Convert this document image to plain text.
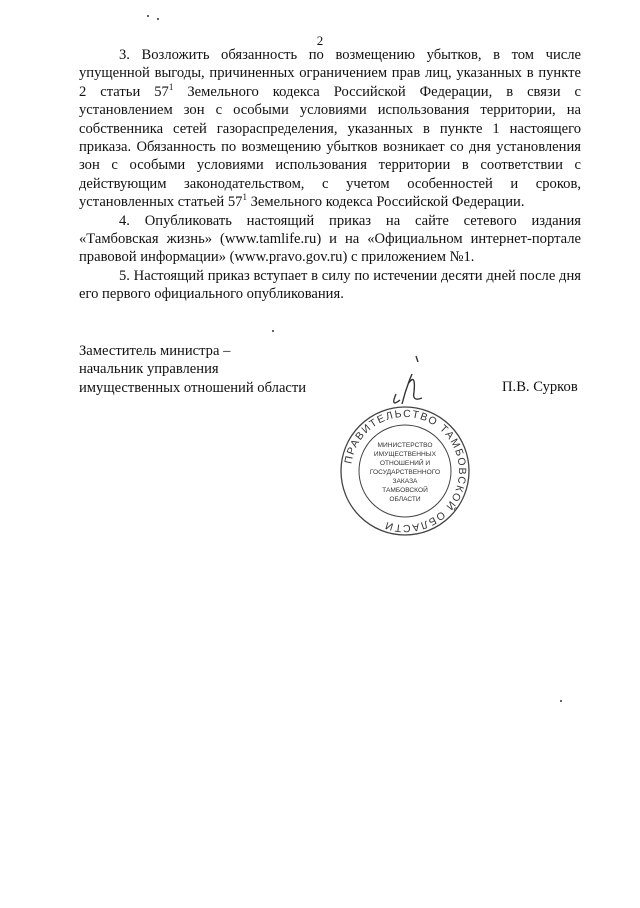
2

3. Возложить обязанность по возмещению убытков, в том числе упущенной выгоды, причиненных ограничением прав лиц, указанных в пункте 2 статьи $57^1$ Земельного кодекса Российской Федерации, в связи с установлением зон с особыми условиями использования территории, на собственника сетей газораспределения, указанных в пункте 1 настоящего приказа. Обязанность по возмещению убытков возникает со дня установления зон с особыми условиями использования территории в соответствии с действующим законодательством, с учетом особенностей и сроков, установленных статьей $57^1$ Земельного кодекса Российской Федерации.

4. Опубликовать настоящий приказ на сайте сетевого издания «Тамбовская жизнь» (www.tamlife.ru) и на «Официальном интернет-портале правовой информации» (www.pravo.gov.ru) с приложением №1.

5. Настоящий приказ вступает в силу по истечении десяти дней после дня его первого официального опубликования.

Заместитель министра –
начальник управления
имущественных отношений области	П.В. Сурков
ПРАВИТЕЛЬСТВО ТАМБОВСКОЙ ОБЛАСТИ
МИНИСТЕРСТВО
ИМУЩЕСТВЕННЫХ
ОТНОШЕНИЙ И
ГОСУДАРСТВЕННОГО
ЗАКАЗА
ТАМБОВСКОЙ
ОБЛАСТИ
